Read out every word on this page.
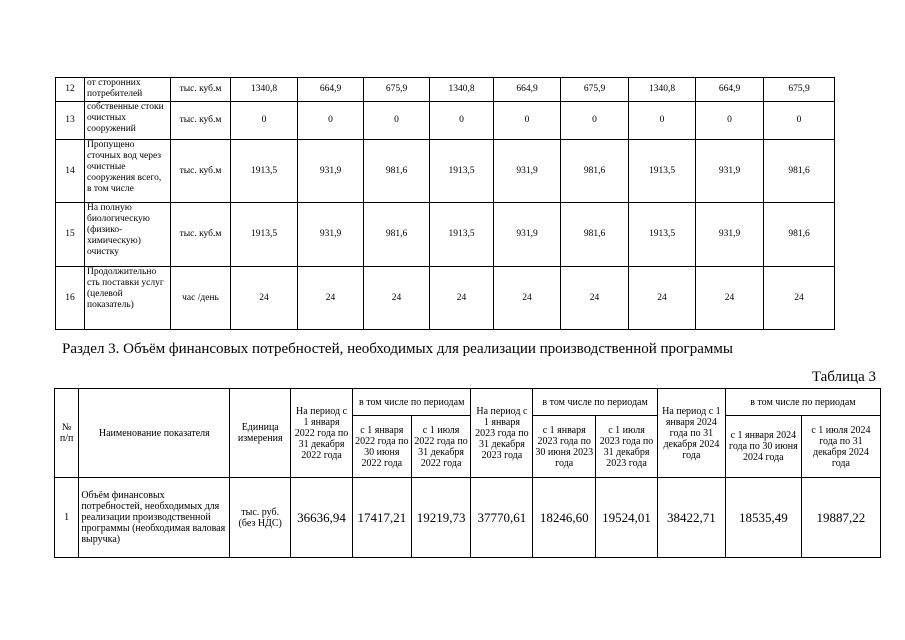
12	от сторонних потребителей	тыс. куб.м	1340,8	664,9	675,9	1340,8	664,9	675,9	1340,8	664,9	675,9
13	собственные стоки очистных сооружений	тыс. куб.м	0	0	0	0	0	0	0	0	0
14	Пропущено сточных вод через очистные сооружения всего, в том числе	тыс. куб.м	1913,5	931,9	981,6	1913,5	931,9	981,6	1913,5	931,9	981,6
15	На полную биологическую (физико-химическую) очистку	тыс. куб.м	1913,5	931,9	981,6	1913,5	931,9	981,6	1913,5	931,9	981,6
16	Продолжительно сть поставки услуг (целевой показатель)	час /день	24	24	24	24	24	24	24	24	24
Раздел 3. Объём финансовых потребностей, необходимых для реализации производственной программы
Таблица 3
№ п/п	Наименование показателя	Единица измерения	На период с 1 января 2022 года по 31 декабря 2022 года	в том числе по периодам		На период с 1 января 2023 года по 31 декабря 2023 года	в том числе по периодам		На период с 1 января 2024 года по 31 декабря 2024 года	в том числе по периодам	
				с 1 января 2022 года по 30 июня 2022 года	с 1 июля 2022 года по 31 декабря 2022 года		с 1 января 2023 года по 30 июня 2023 года	с 1 июля 2023 года по 31 декабря 2023 года		с 1 января 2024 года по 30 июня 2024 года	с 1 июля 2024 года по 31 декабря 2024 года
1	Объём финансовых потребностей, необходимых для реализации производственной программы (необходимая валовая выручка)	тыс. руб. (без НДС)	36636,94	17417,21	19219,73	37770,61	18246,60	19524,01	38422,71	18535,49	19887,22
